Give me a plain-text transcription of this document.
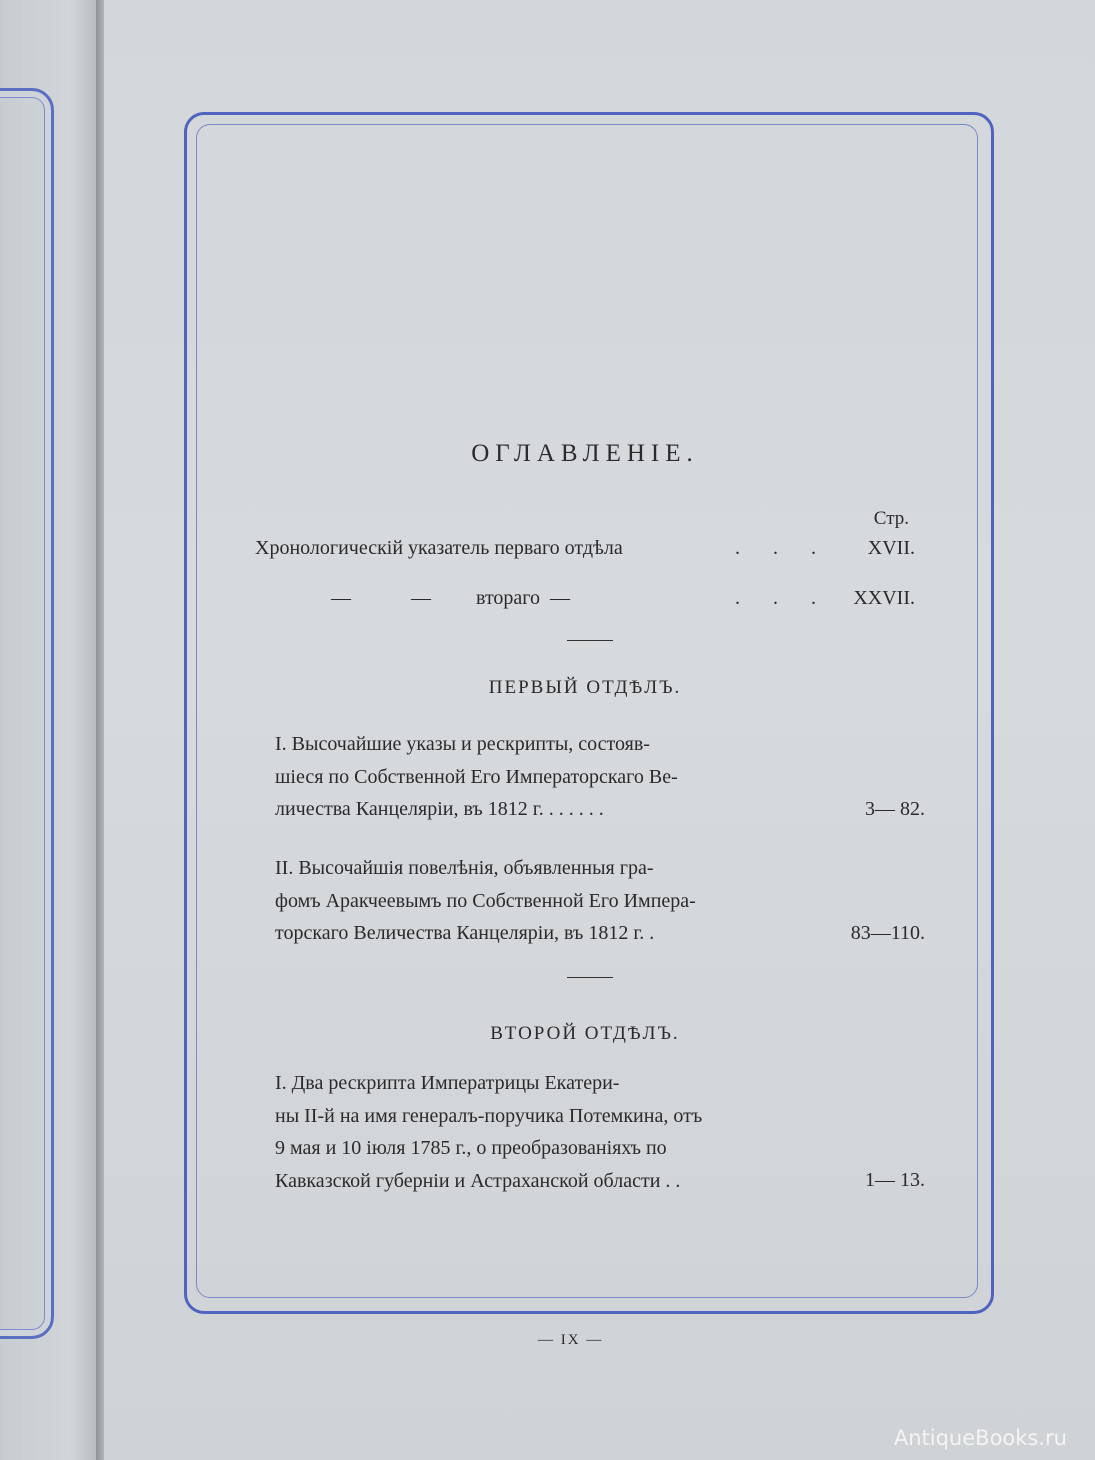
— IX —
ОГЛАВЛЕНІЕ.
Стр.
Хронологическій указатель перваго отдѣла	. . . XVII.
—            —         втораго  —	. . . XXVII.
ПЕРВЫЙ ОТДѢЛЪ.
I. Высочайшие указы и рескрипты, состояв-
шіеся по Собственной Его Императорскаго Ве-
личества Канцеляріи, въ 1812 г. . . . . . .	3— 82.
II. Высочайшія повелѣнія, объявленныя гра-
фомъ Аракчеевымъ по Собственной Его Импера-
торскаго Величества Канцеляріи, въ 1812 г. .	83—110.
ВТОРОЙ ОТДѢЛЪ.
I. Два рескрипта Императрицы Екатери-
ны II-й на имя генералъ-поручика Потемкина, отъ
9 мая и 10 іюля 1785 г., о преобразованіяхъ по
Кавказской губерніи и Астраханской области . .	1— 13.
AntiqueBooks.ru
